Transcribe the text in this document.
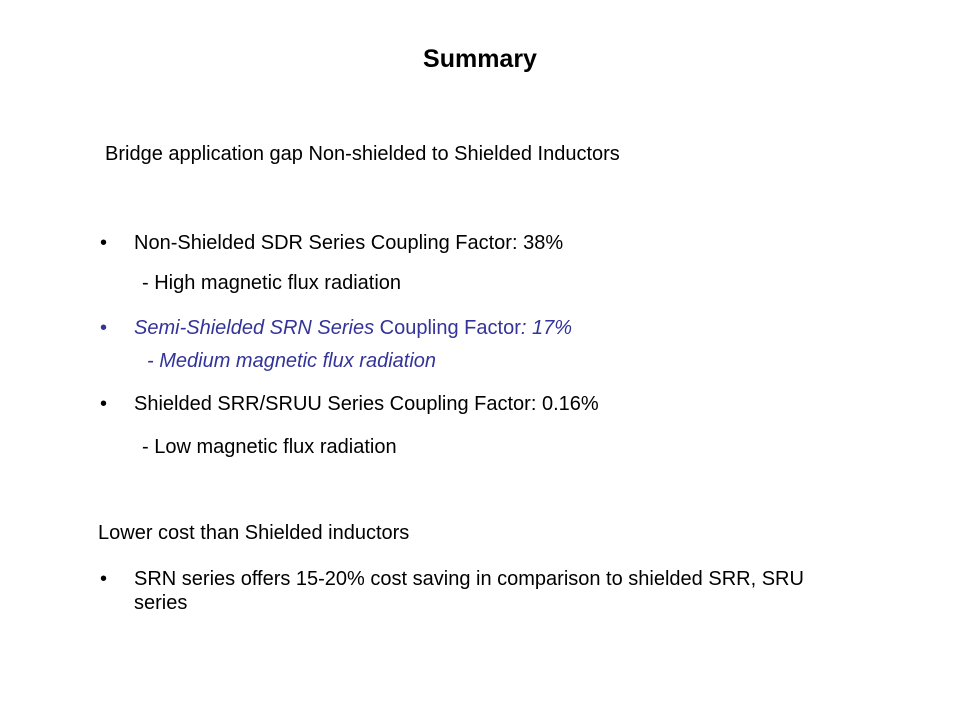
Summary
Bridge application gap Non-shielded to Shielded Inductors
• Non-Shielded SDR Series Coupling Factor: 38%
- High magnetic flux radiation
• Semi-Shielded SRN Series Coupling Factor: 17%
- Medium magnetic flux radiation
• Shielded SRR/SRUU Series Coupling Factor: 0.16%
- Low magnetic flux radiation
Lower cost than Shielded inductors
•	SRN series offers 15-20% cost saving in comparison to shielded SRR, SRU series
